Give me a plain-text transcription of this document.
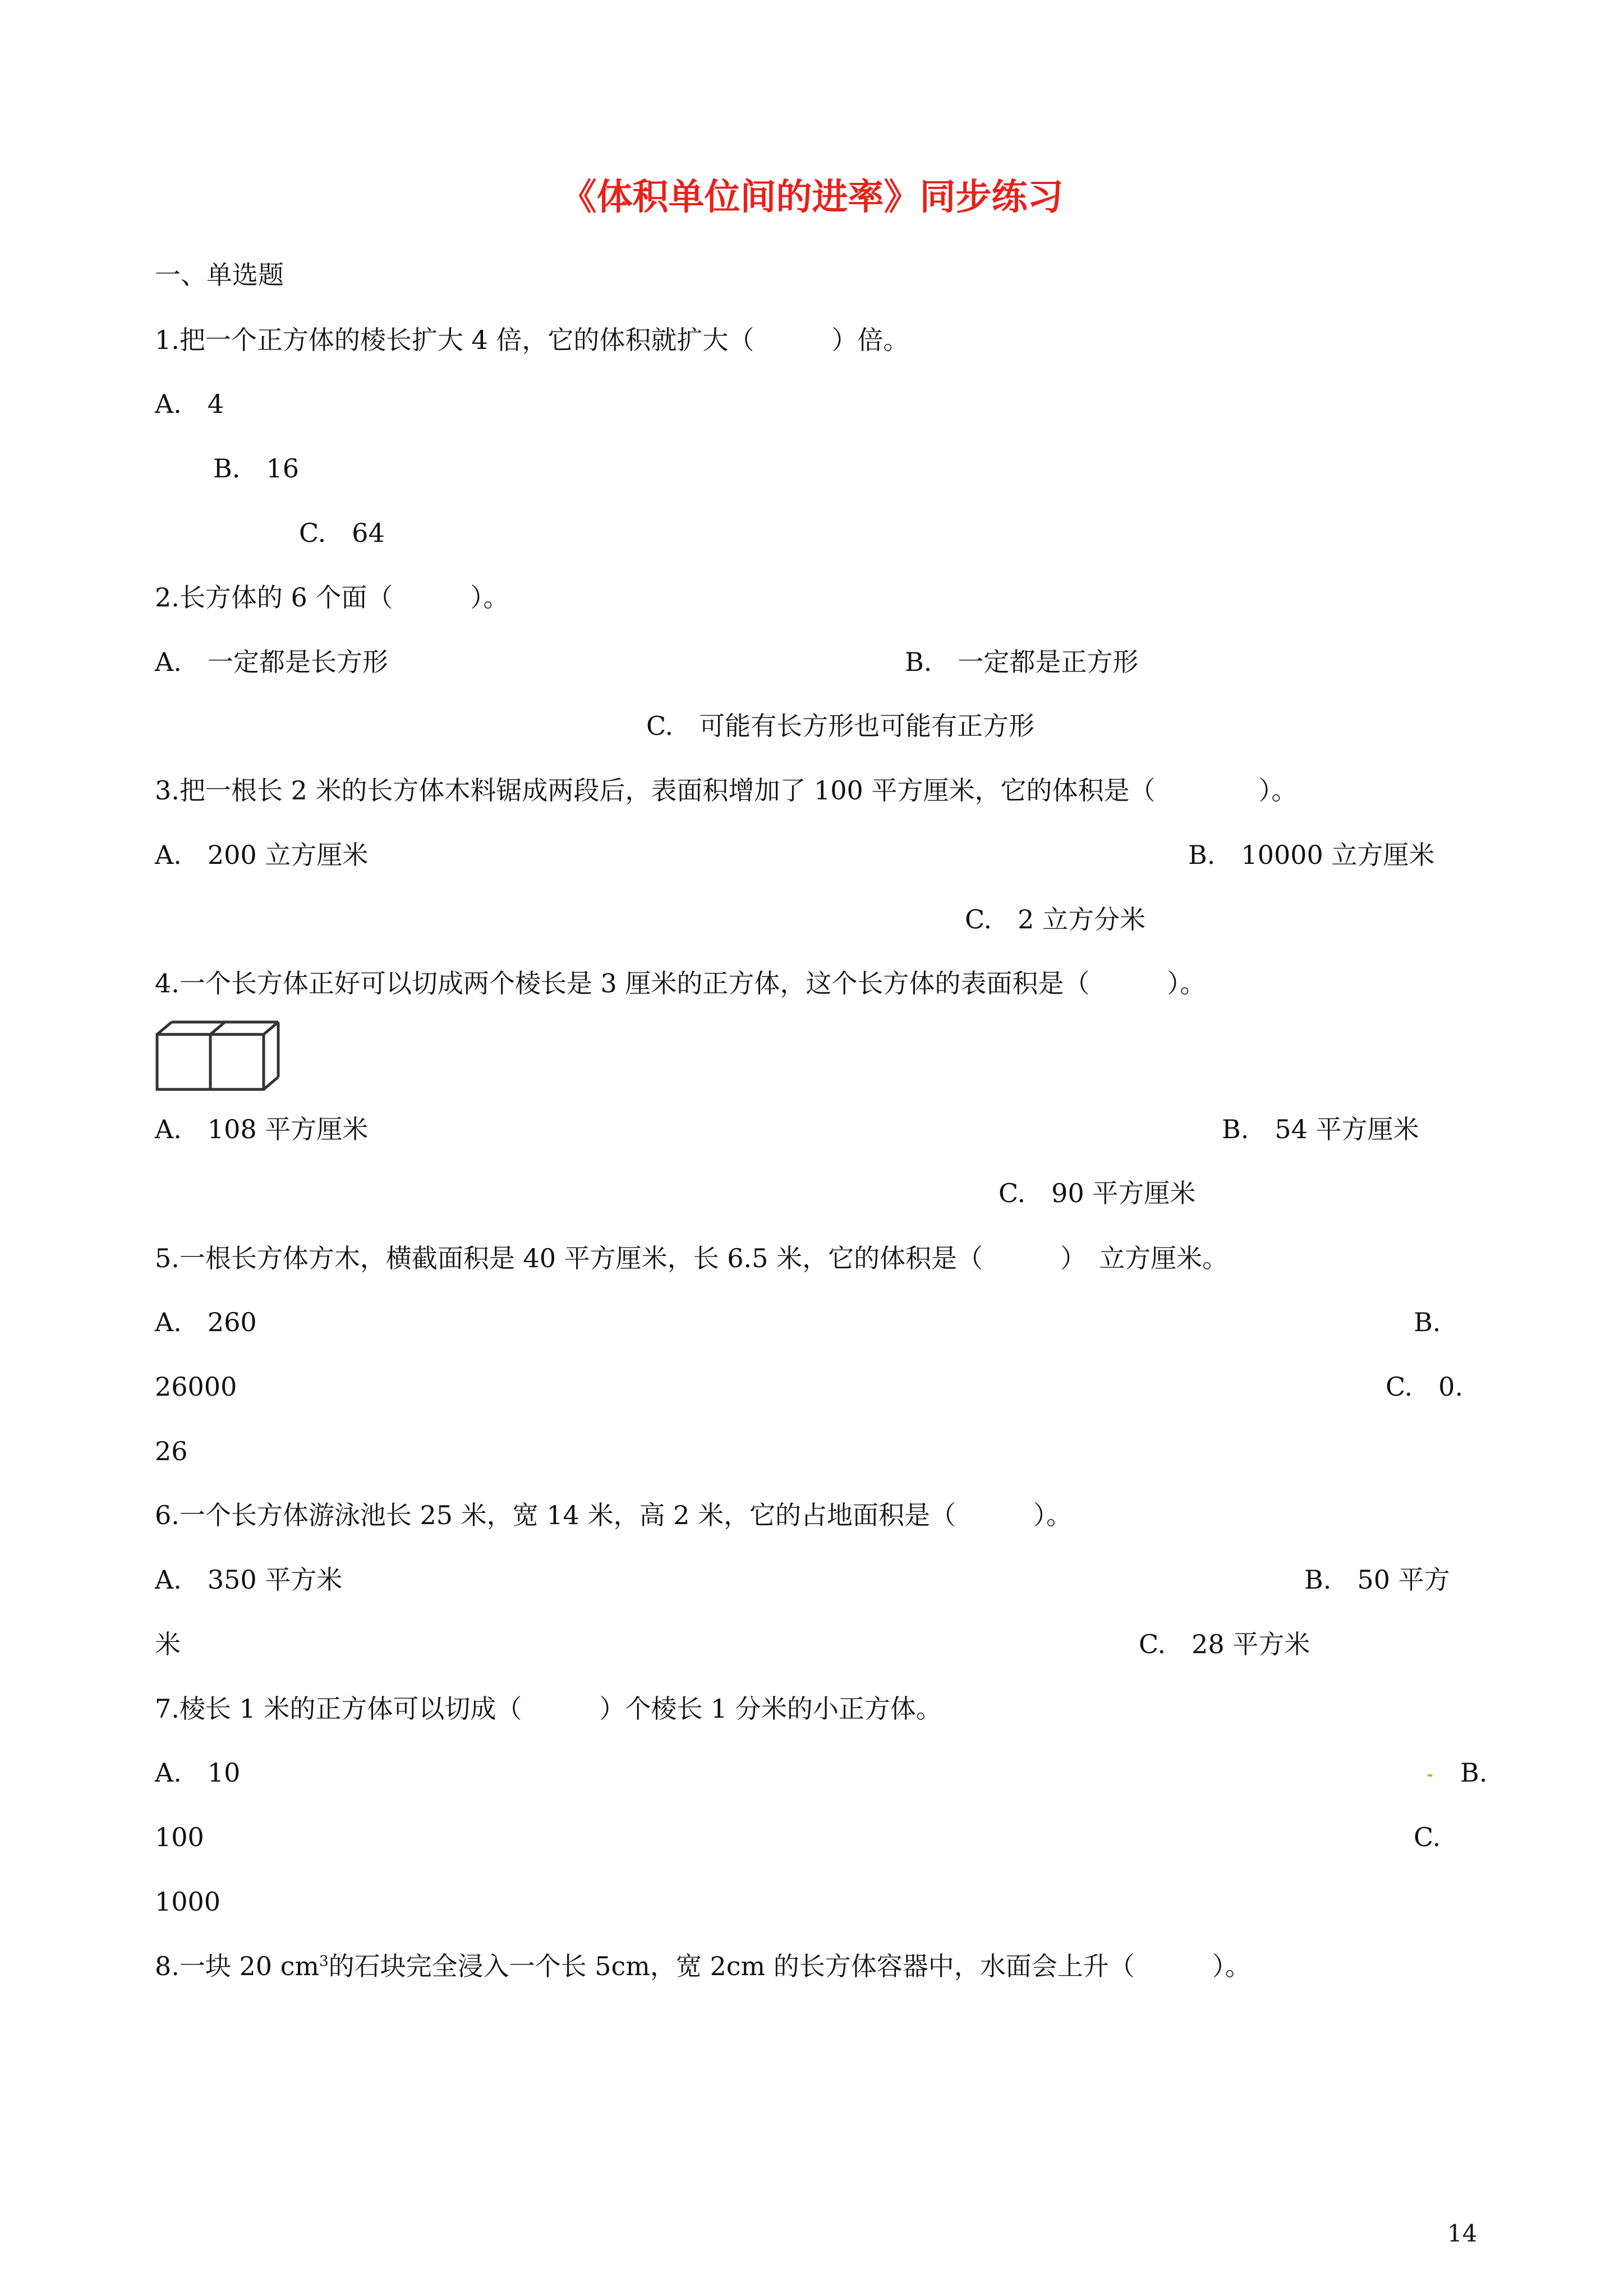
《体积单位间的进率》同步练习
一、单选题
1.把一个正方体的棱长扩大 4 倍，它的体积就扩大（　　　）倍。
A.　4
B.　16
C.　64
2.长方体的 6 个面（　　　）。
A.　一定都是长方形	B.　一定都是正方形
C.　可能有长方形也可能有正方形
3.把一根长 2 米的长方体木料锯成两段后，表面积增加了 100 平方厘米，它的体积是（　　　　）。
A.　200 立方厘米	B.　10000 立方厘米
C.　2 立方分米
4.一个长方体正好可以切成两个棱长是 3 厘米的正方体，这个长方体的表面积是（　　　）。
A.　108 平方厘米	B.　54 平方厘米
C.　90 平方厘米
5.一根长方体方木，横截面积是 40 平方厘米，长 6.5 米，它的体积是（　　　）　立方厘米。
A.　260	B.
26000	C.　0.
26
6.一个长方体游泳池长 25 米，宽 14 米，高 2 米，它的占地面积是（　　　）。
A.　350 平方米	B.　50 平方
米	C.　28 平方米
7.棱长 1 米的正方体可以切成（　　　）个棱长 1 分米的小正方体。
A.　10	B.
100	C.
1000
8.一块 20 $cm^3$的石块完全浸入一个长 5cm，宽 2cm 的长方体容器中，水面会上升（　　　）。
14
